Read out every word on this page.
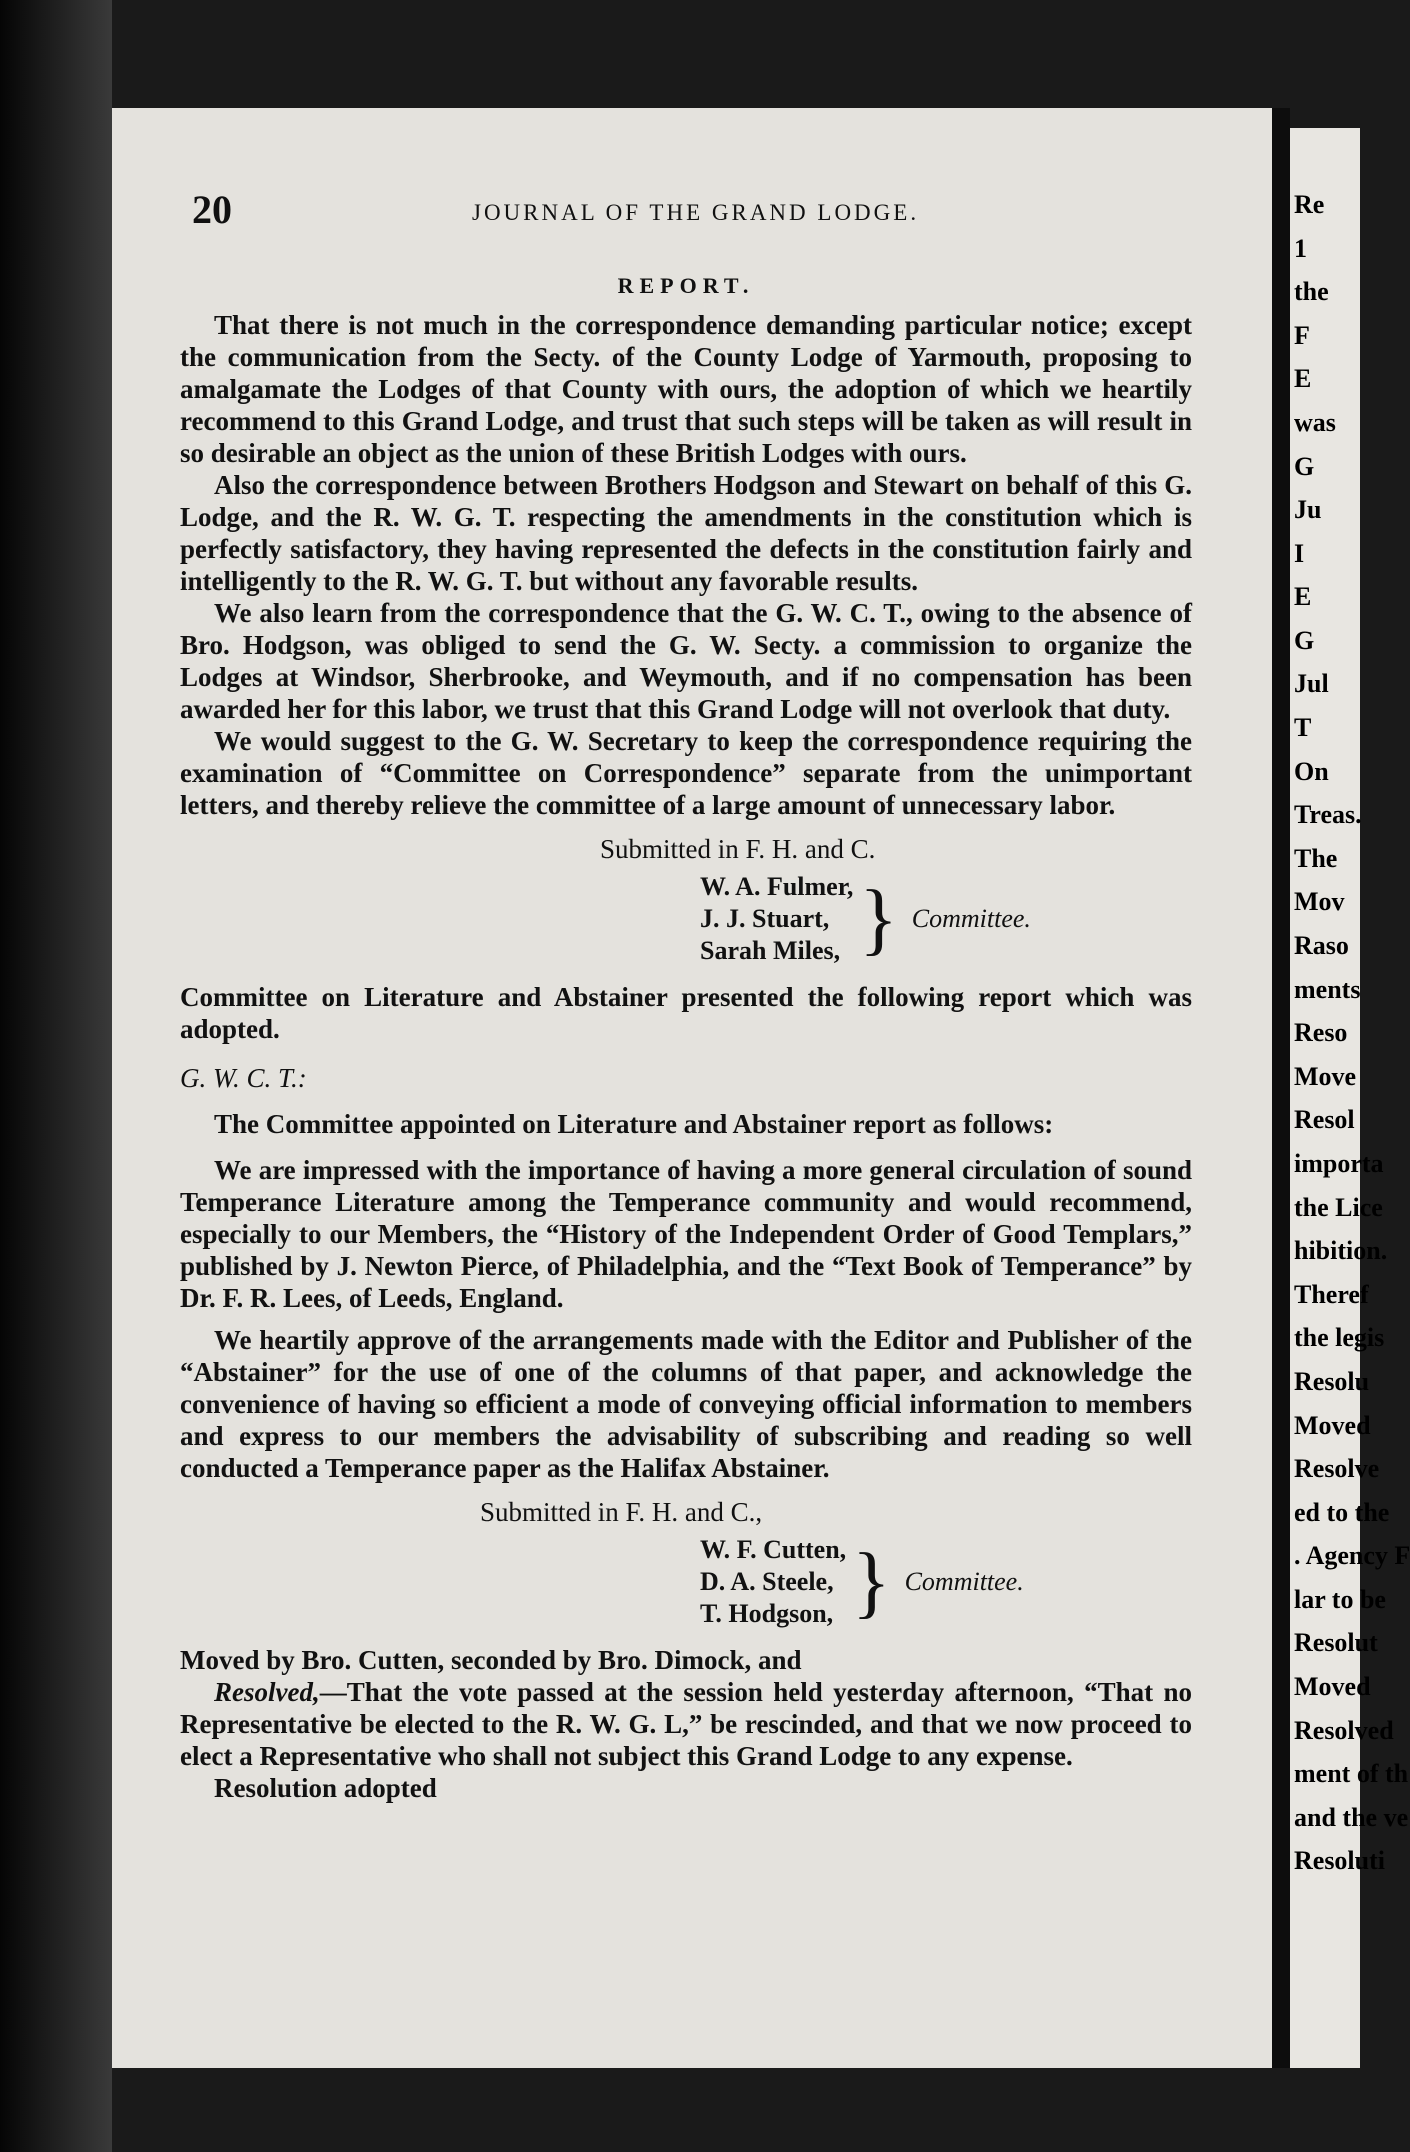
20	JOURNAL OF THE GRAND LODGE.
REPORT.

That there is not much in the correspondence demanding particular notice; except the communication from the Secty. of the County Lodge of Yarmouth, proposing to amalgamate the Lodges of that County with ours, the adoption of which we heartily recommend to this Grand Lodge, and trust that such steps will be taken as will result in so desirable an object as the union of these British Lodges with ours.

Also the correspondence between Brothers Hodgson and Stewart on behalf of this G. Lodge, and the R. W. G. T. respecting the amendments in the constitution which is perfectly satisfactory, they having represented the defects in the constitution fairly and intelligently to the R. W. G. T. but without any favorable results.

We also learn from the correspondence that the G. W. C. T., owing to the absence of Bro. Hodgson, was obliged to send the G. W. Secty. a commission to organize the Lodges at Windsor, Sherbrooke, and Weymouth, and if no compensation has been awarded her for this labor, we trust that this Grand Lodge will not overlook that duty.

We would suggest to the G. W. Secretary to keep the correspondence requiring the examination of “Committee on Correspondence” separate from the unimportant letters, and thereby relieve the committee of a large amount of unnecessary labor.

Submitted in F. H. and C.
W. A. Fulmer,
J. J. Stuart,
Sarah Miles, } Committee.

Committee on Literature and Abstainer presented the following report which was adopted.

G. W. C. T.:

The Committee appointed on Literature and Abstainer report as follows:

We are impressed with the importance of having a more general circulation of sound Temperance Literature among the Temperance community and would recommend, especially to our Members, the “History of the Independent Order of Good Templars,” published by J. Newton Pierce, of Philadelphia, and the “Text Book of Temperance” by Dr. F. R. Lees, of Leeds, England.

We heartily approve of the arrangements made with the Editor and Publisher of the “Abstainer” for the use of one of the columns of that paper, and acknowledge the convenience of having so efficient a mode of conveying official information to members and express to our members the advisability of subscribing and reading so well conducted a Temperance paper as the Halifax Abstainer.

Submitted in F. H. and C.,
W. F. Cutten,
D. A. Steele,
T. Hodgson, } Committee.

Moved by Bro. Cutten, seconded by Bro. Dimock, and

Resolved,—That the vote passed at the session held yesterday afternoon, “That no Representative be elected to the R. W. G. L,” be rescinded, and that we now proceed to elect a Representative who shall not subject this Grand Lodge to any expense.

Resolution adopted

Re
1
the
F
E
was
G
Ju
I
E
G
Jul
T
On
Treas.
The
Mov
Raso
ments
Reso
Move
Resol
importa
the Lice
hibition.
Theref
the legis
Resolu
Moved
Resolve
ed to the
. Agency F
lar to be
Resolut
Moved
Resolved
ment of th
and the ve
Resoluti
